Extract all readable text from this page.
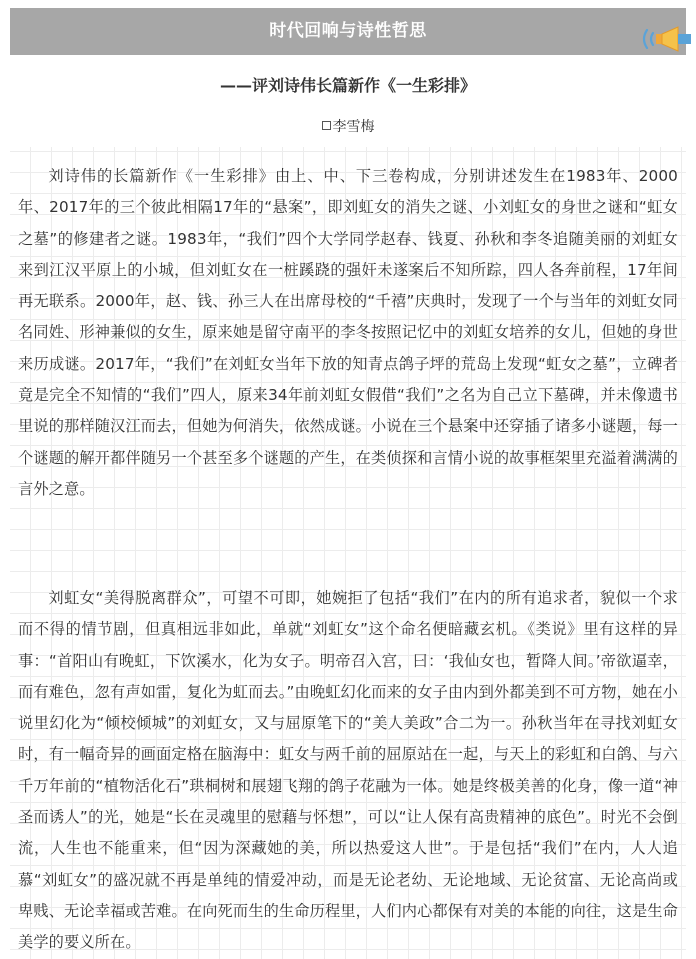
时代回响与诗性哲思
——评刘诗伟长篇新作《一生彩排》
李雪梅

刘诗伟的长篇新作《一生彩排》由上、中、下三卷构成，分别讲述发生在1983年、2000年、2017年的三个彼此相隔17年的“悬案”，即刘虹女的消失之谜、小刘虹女的身世之谜和“虹女之墓”的修建者之谜。1983年，“我们”四个大学同学赵春、钱夏、孙秋和李冬追随美丽的刘虹女来到江汉平原上的小城，但刘虹女在一桩蹊跷的强奸未遂案后不知所踪，四人各奔前程，17年间再无联系。2000年，赵、钱、孙三人在出席母校的“千禧”庆典时，发现了一个与当年的刘虹女同名同姓、形神兼似的女生，原来她是留守南平的李冬按照记忆中的刘虹女培养的女儿，但她的身世来历成谜。2017年，“我们”在刘虹女当年下放的知青点鸽子坪的荒岛上发现“虹女之墓”，立碑者竟是完全不知情的“我们”四人，原来34年前刘虹女假借“我们”之名为自己立下墓碑，并未像遗书里说的那样随汉江而去，但她为何消失，依然成谜。小说在三个悬案中还穿插了诸多小谜题，每一个谜题的解开都伴随另一个甚至多个谜题的产生，在类侦探和言情小说的故事框架里充溢着满满的言外之意。

刘虹女“美得脱离群众”，可望不可即，她婉拒了包括“我们”在内的所有追求者，貌似一个求而不得的情节剧，但真相远非如此，单就“刘虹女”这个命名便暗藏玄机。《类说》里有这样的异事：“首阳山有晚虹，下饮溪水，化为女子。明帝召入宫，曰：‘我仙女也，暂降人间。’帝欲逼幸，而有难色，忽有声如雷，复化为虹而去。”由晚虹幻化而来的女子由内到外都美到不可方物，她在小说里幻化为“倾校倾城”的刘虹女，又与屈原笔下的“美人美政”合二为一。孙秋当年在寻找刘虹女时，有一幅奇异的画面定格在脑海中：虹女与两千前的屈原站在一起，与天上的彩虹和白鸽、与六千万年前的“植物活化石”珙桐树和展翅飞翔的鸽子花融为一体。她是终极美善的化身，像一道“神圣而诱人”的光，她是“长在灵魂里的慰藉与怀想”，可以“让人保有高贵精神的底色”。时光不会倒流，人生也不能重来，但“因为深藏她的美，所以热爱这人世”。于是包括“我们”在内，人人追慕“刘虹女”的盛况就不再是单纯的情爱冲动，而是无论老幼、无论地域、无论贫富、无论高尚或卑贱、无论幸福或苦难。在向死而生的生命历程里，人们内心都保有对美的本能的向往，这是生命美学的要义所在。
